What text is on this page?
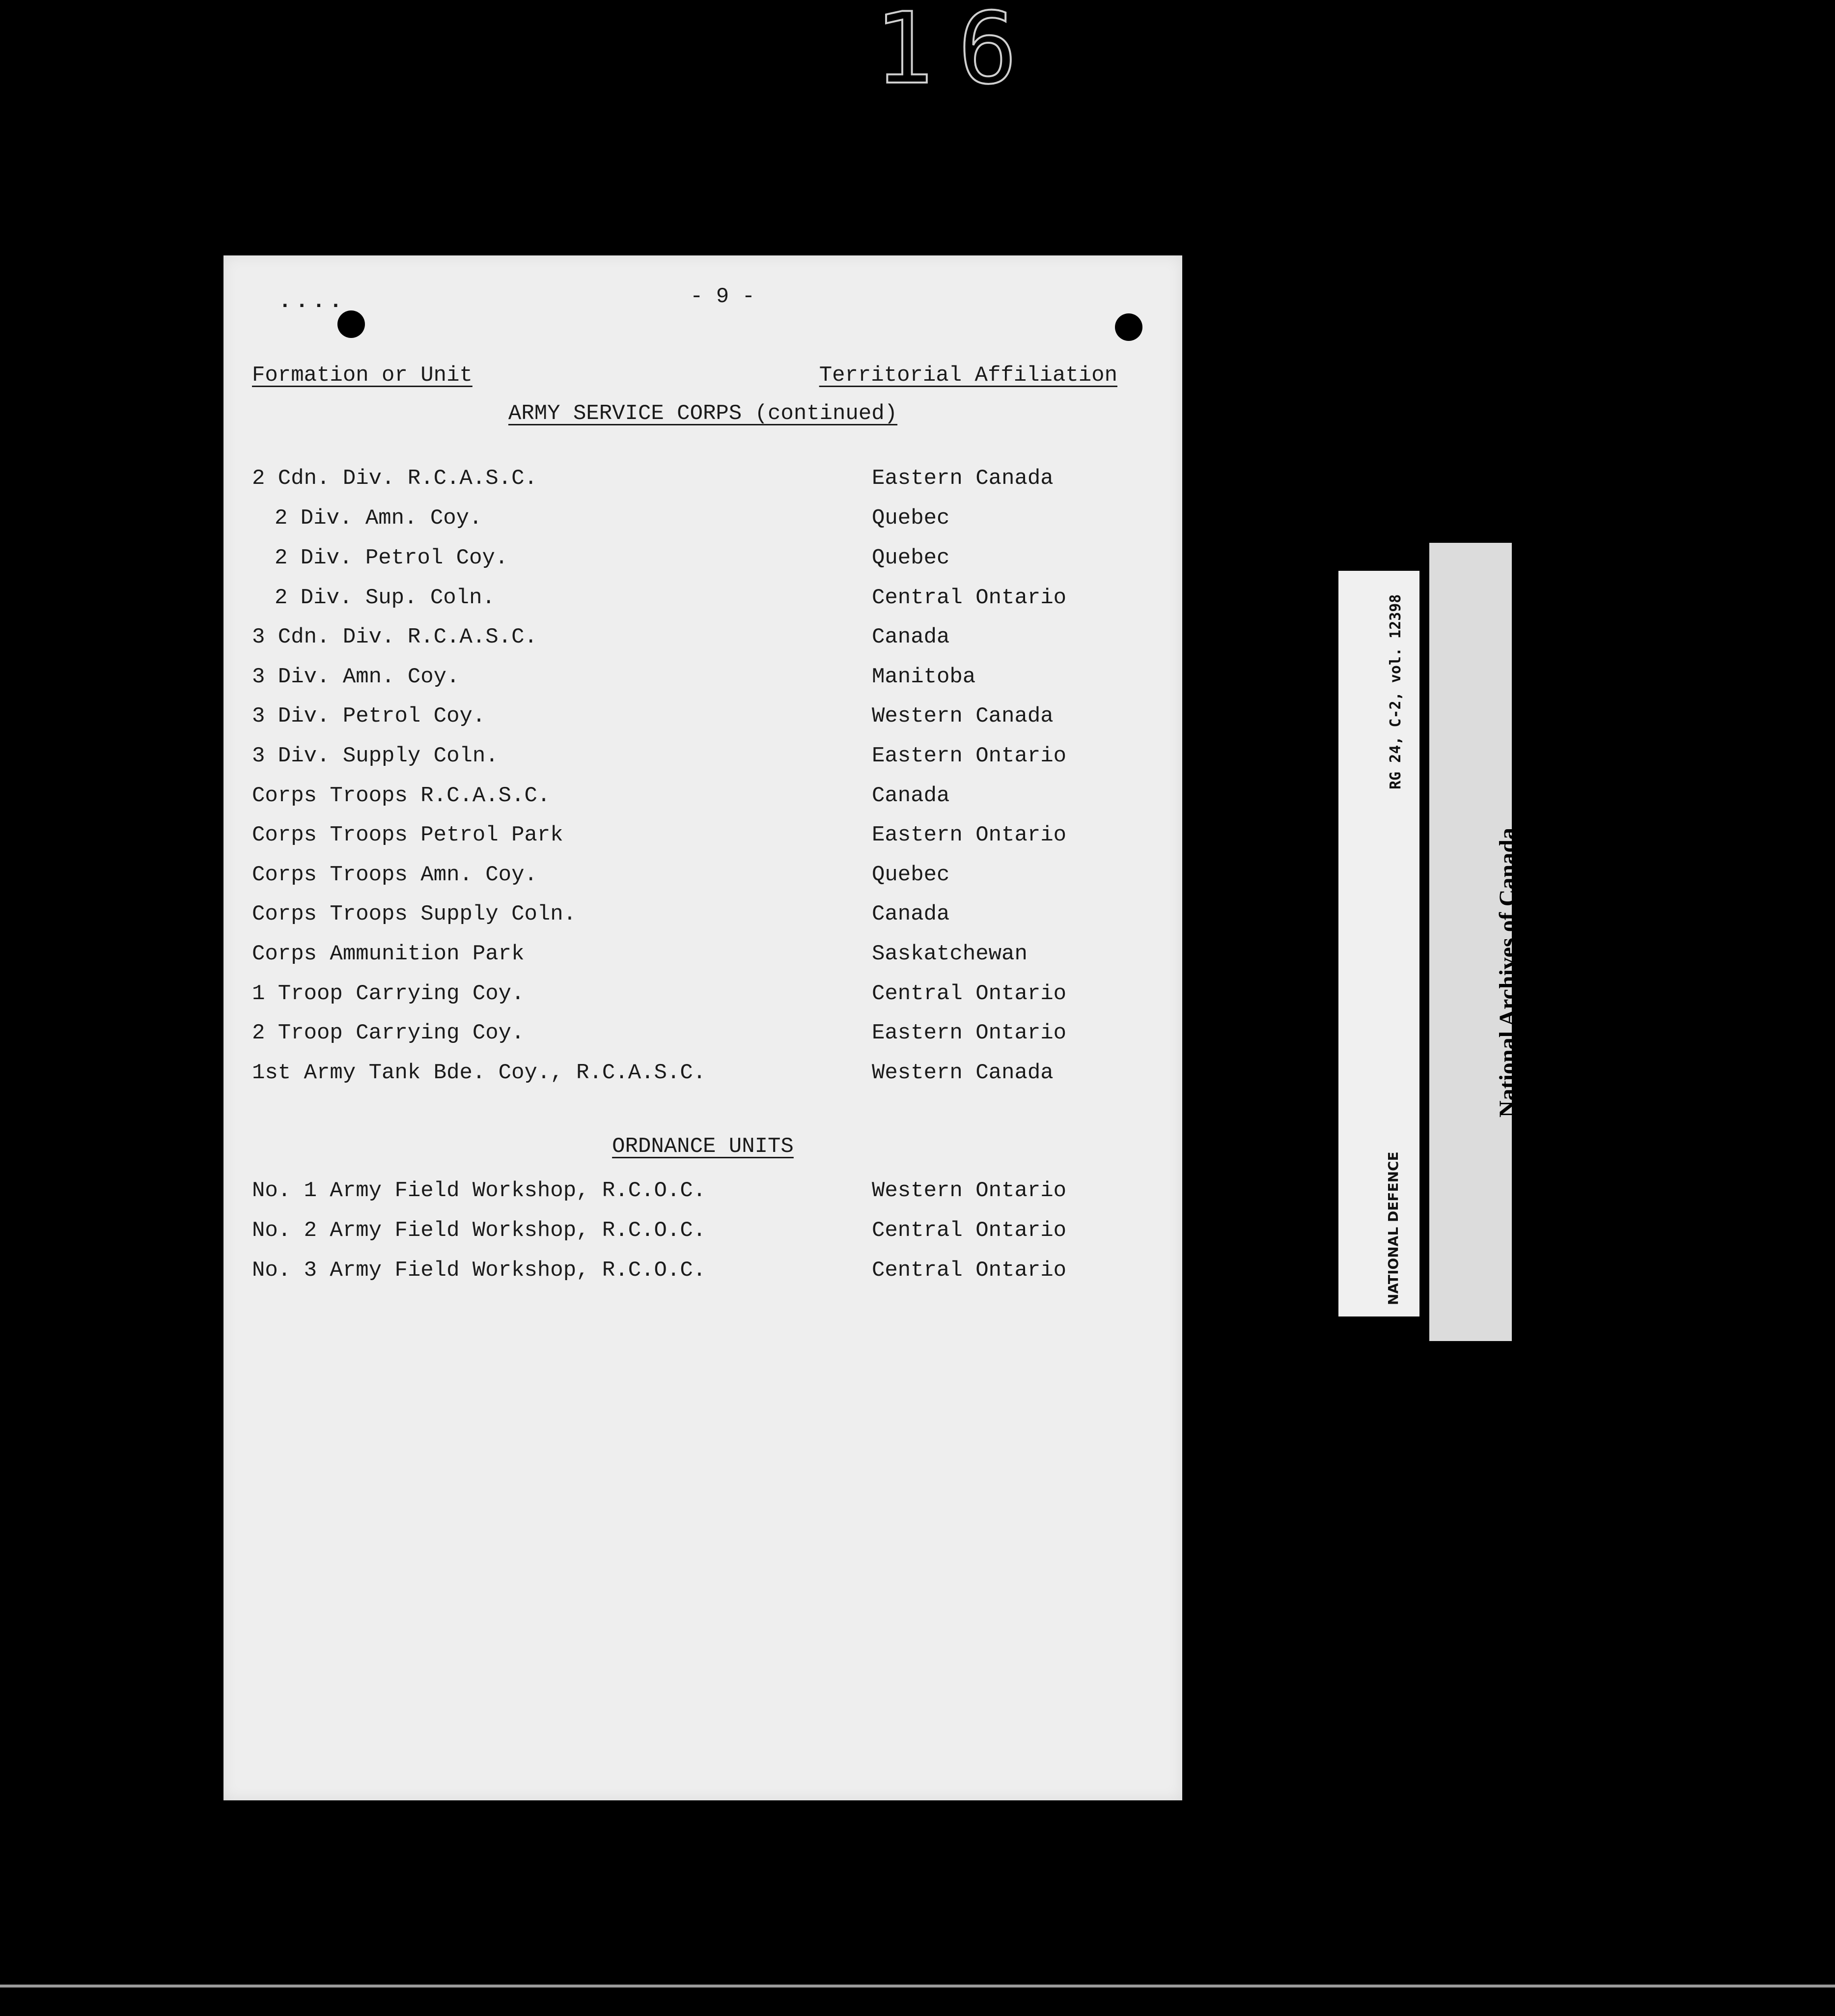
16
....	- 9 -
Formation or Unit	Territorial Affiliation
ARMY SERVICE CORPS (continued)
2 Cdn. Div. R.C.A.S.C.	Eastern Canada
2 Div. Amn. Coy.	Quebec
2 Div. Petrol Coy.	Quebec
2 Div. Sup. Coln.	Central Ontario
3 Cdn. Div. R.C.A.S.C.	Canada
3 Div. Amn. Coy.	Manitoba
3 Div. Petrol Coy.	Western Canada
3 Div. Supply Coln.	Eastern Ontario
Corps Troops R.C.A.S.C.	Canada
Corps Troops Petrol Park	Eastern Ontario
Corps Troops Amn. Coy.	Quebec
Corps Troops Supply Coln.	Canada
Corps Ammunition Park	Saskatchewan
1 Troop Carrying Coy.	Central Ontario
2 Troop Carrying Coy.	Eastern Ontario
1st Army Tank Bde. Coy., R.C.A.S.C.	Western Canada
ORDNANCE UNITS
No. 1 Army Field Workshop, R.C.O.C.	Western Ontario
No. 2 Army Field Workshop, R.C.O.C.	Central Ontario
No. 3 Army Field Workshop, R.C.O.C.	Central Ontario

RG 24, C-2, vol. 12398

NATIONAL DEFENCE

National Archives of Canada

Archives nationales du Canada
